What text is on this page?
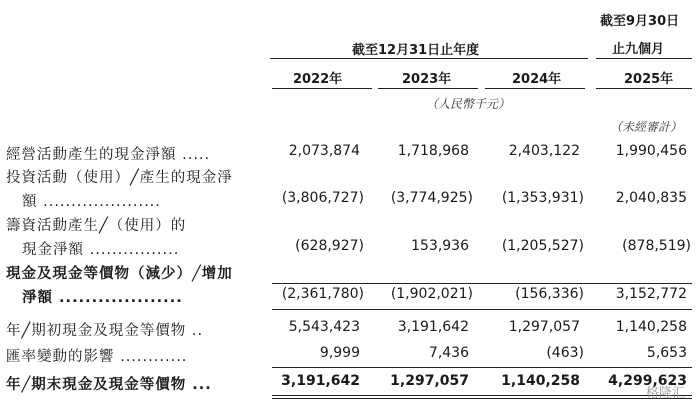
截至12月31日止年度
截至9月30日
止九個月
2022年	2023年	2024年	2025年
（人民幣千元）
（未經審計）
經營活動產生的現金淨額 .....	2,073,874	1,718,968	2,403,122	1,990,456
投資活動（使用）╱產生的現金淨
額 .....................	(3,806,727)	(3,774,925)	(1,353,931)	2,040,835
籌資活動產生╱（使用）的
現金淨額 ................	(628,927)	153,936	(1,205,527)	(878,519)
現金及現金等價物（減少）╱增加
淨額 ...................	(2,361,780)	(1,902,021)	(156,336)	3,152,772
年╱期初現金及現金等價物 ..	5,543,423	3,191,642	1,297,057	1,140,258
匯率變動的影響 ............	9,999	7,436	(463)	5,653
年╱期末現金及現金等價物 ...	3,191,642	1,297,057	1,140,258	4,299,623
格隆汇
